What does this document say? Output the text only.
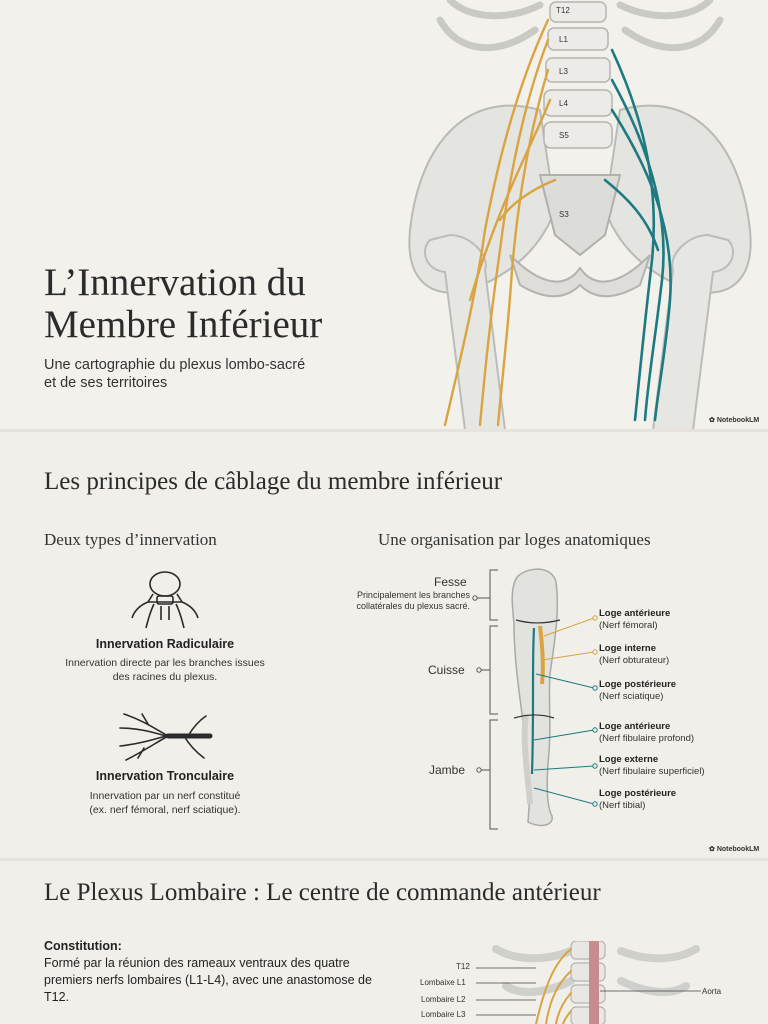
T12
L1
L3
L4
S5
S3
L’Innervation du
Membre Inférieur
Une cartographie du plexus lombo-sacré
et de ses territoires
✿ NotebookLM
Les principes de câblage du membre inférieur
Deux types d’innervation	Une organisation par loges anatomiques
Innervation Radiculaire
Innervation directe par les branches issues
des racines du plexus.
Innervation Tronculaire
Innervation par un nerf constitué
(ex. nerf fémoral, nerf sciatique).
Fesse
Principalement les branches
collatérales du plexus sacré.
Cuisse
Jambe
Loge antérieure
(Nerf fémoral)
Loge interne
(Nerf obturateur)
Loge postérieure
(Nerf sciatique)
Loge antérieure
(Nerf fibulaire profond)
Loge externe
(Nerf fibulaire superficiel)
Loge postérieure
(Nerf tibial)
✿ NotebookLM
Le Plexus Lombaire : Le centre de commande antérieur
T12
Lombaixe L1
Lombaire L2
Lombaire L3
Aorta
Constitution:
Formé par la réunion des rameaux ventraux des quatre premiers nerfs lombaires (L1-L4), avec une anastomose de T12.
